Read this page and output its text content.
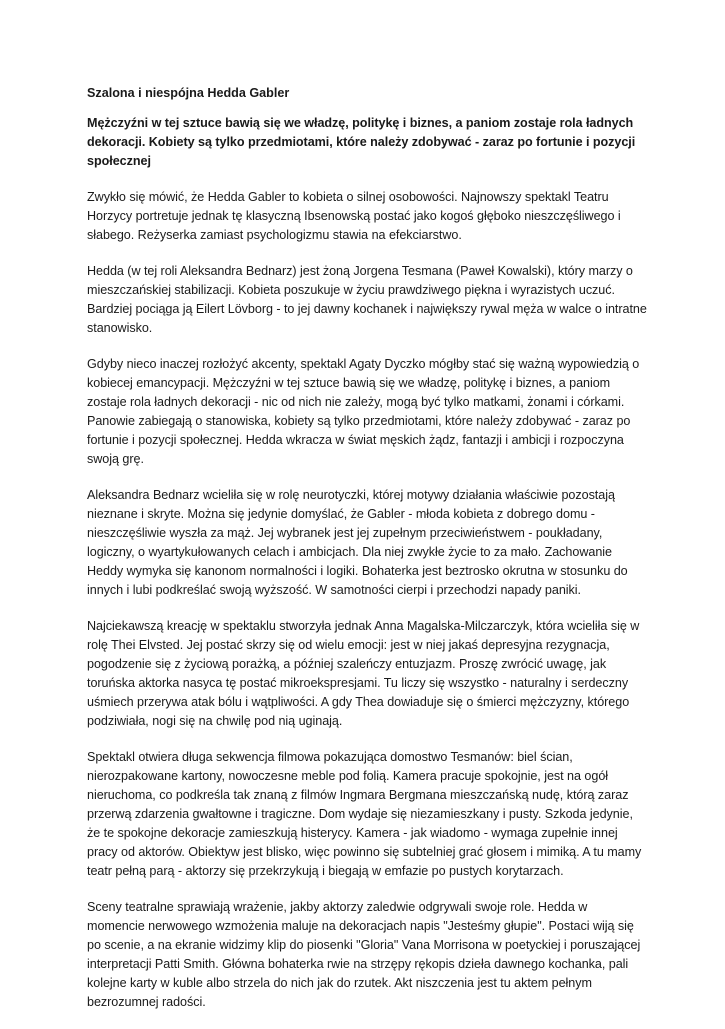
Szalona i niespójna Hedda Gabler

Mężczyźni w tej sztuce bawią się we władzę, politykę i biznes, a paniom zostaje rola ładnych dekoracji. Kobiety są tylko przedmiotami, które należy zdobywać - zaraz po fortunie i pozycji społecznej

Zwykło się mówić, że Hedda Gabler to kobieta o silnej osobowości. Najnowszy spektakl Teatru Horzycy portretuje jednak tę klasyczną Ibsenowską postać jako kogoś głęboko nieszczęśliwego i słabego. Reżyserka zamiast psychologizmu stawia na efekciarstwo.

Hedda (w tej roli Aleksandra Bednarz) jest żoną Jorgena Tesmana (Paweł Kowalski), który marzy o mieszczańskiej stabilizacji. Kobieta poszukuje w życiu prawdziwego piękna i wyrazistych uczuć. Bardziej pociąga ją Eilert Lövborg - to jej dawny kochanek i największy rywal męża w walce o intratne stanowisko.

Gdyby nieco inaczej rozłożyć akcenty, spektakl Agaty Dyczko mógłby stać się ważną wypowiedzią o kobiecej emancypacji. Mężczyźni w tej sztuce bawią się we władzę, politykę i biznes, a paniom zostaje rola ładnych dekoracji - nic od nich nie zależy, mogą być tylko matkami, żonami i córkami. Panowie zabiegają o stanowiska, kobiety są tylko przedmiotami, które należy zdobywać - zaraz po fortunie i pozycji społecznej. Hedda wkracza w świat męskich żądz, fantazji i ambicji i rozpoczyna swoją grę.

Aleksandra Bednarz wcieliła się w rolę neurotyczki, której motywy działania właściwie pozostają nieznane i skryte. Można się jedynie domyślać, że Gabler - młoda kobieta z dobrego domu - nieszczęśliwie wyszła za mąż. Jej wybranek jest jej zupełnym przeciwieństwem - poukładany, logiczny, o wyartykułowanych celach i ambicjach. Dla niej zwykłe życie to za mało. Zachowanie Heddy wymyka się kanonom normalności i logiki. Bohaterka jest beztrosko okrutna w stosunku do innych i lubi podkreślać swoją wyższość. W samotności cierpi i przechodzi napady paniki.

Najciekawszą kreację w spektaklu stworzyła jednak Anna Magalska-Milczarczyk, która wcieliła się w rolę Thei Elvsted. Jej postać skrzy się od wielu emocji: jest w niej jakaś depresyjna rezygnacja, pogodzenie się z życiową porażką, a później szaleńczy entuzjazm. Proszę zwrócić uwagę, jak toruńska aktorka nasyca tę postać mikroekspresjami. Tu liczy się wszystko - naturalny i serdeczny uśmiech przerywa atak bólu i wątpliwości. A gdy Thea dowiaduje się o śmierci mężczyzny, którego podziwiała, nogi się na chwilę pod nią uginają.

Spektakl otwiera długa sekwencja filmowa pokazująca domostwo Tesmanów: biel ścian, nierozpakowane kartony, nowoczesne meble pod folią. Kamera pracuje spokojnie, jest na ogół nieruchoma, co podkreśla tak znaną z filmów Ingmara Bergmana mieszczańską nudę, którą zaraz przerwą zdarzenia gwałtowne i tragiczne. Dom wydaje się niezamieszkany i pusty. Szkoda jedynie, że te spokojne dekoracje zamieszkują histerycy. Kamera - jak wiadomo - wymaga zupełnie innej pracy od aktorów. Obiektyw jest blisko, więc powinno się subtelniej grać głosem i mimiką. A tu mamy teatr pełną parą - aktorzy się przekrzykują i biegają w emfazie po pustych korytarzach.

Sceny teatralne sprawiają wrażenie, jakby aktorzy zaledwie odgrywali swoje role. Hedda w momencie nerwowego wzmożenia maluje na dekoracjach napis "Jesteśmy głupie". Postaci wiją się po scenie, a na ekranie widzimy klip do piosenki "Gloria" Vana Morrisona w poetyckiej i poruszającej interpretacji Patti Smith. Główna bohaterka rwie na strzępy rękopis dzieła dawnego kochanka, pali kolejne karty w kuble albo strzela do nich jak do rzutek. Akt niszczenia jest tu aktem pełnym bezrozumnej radości.
